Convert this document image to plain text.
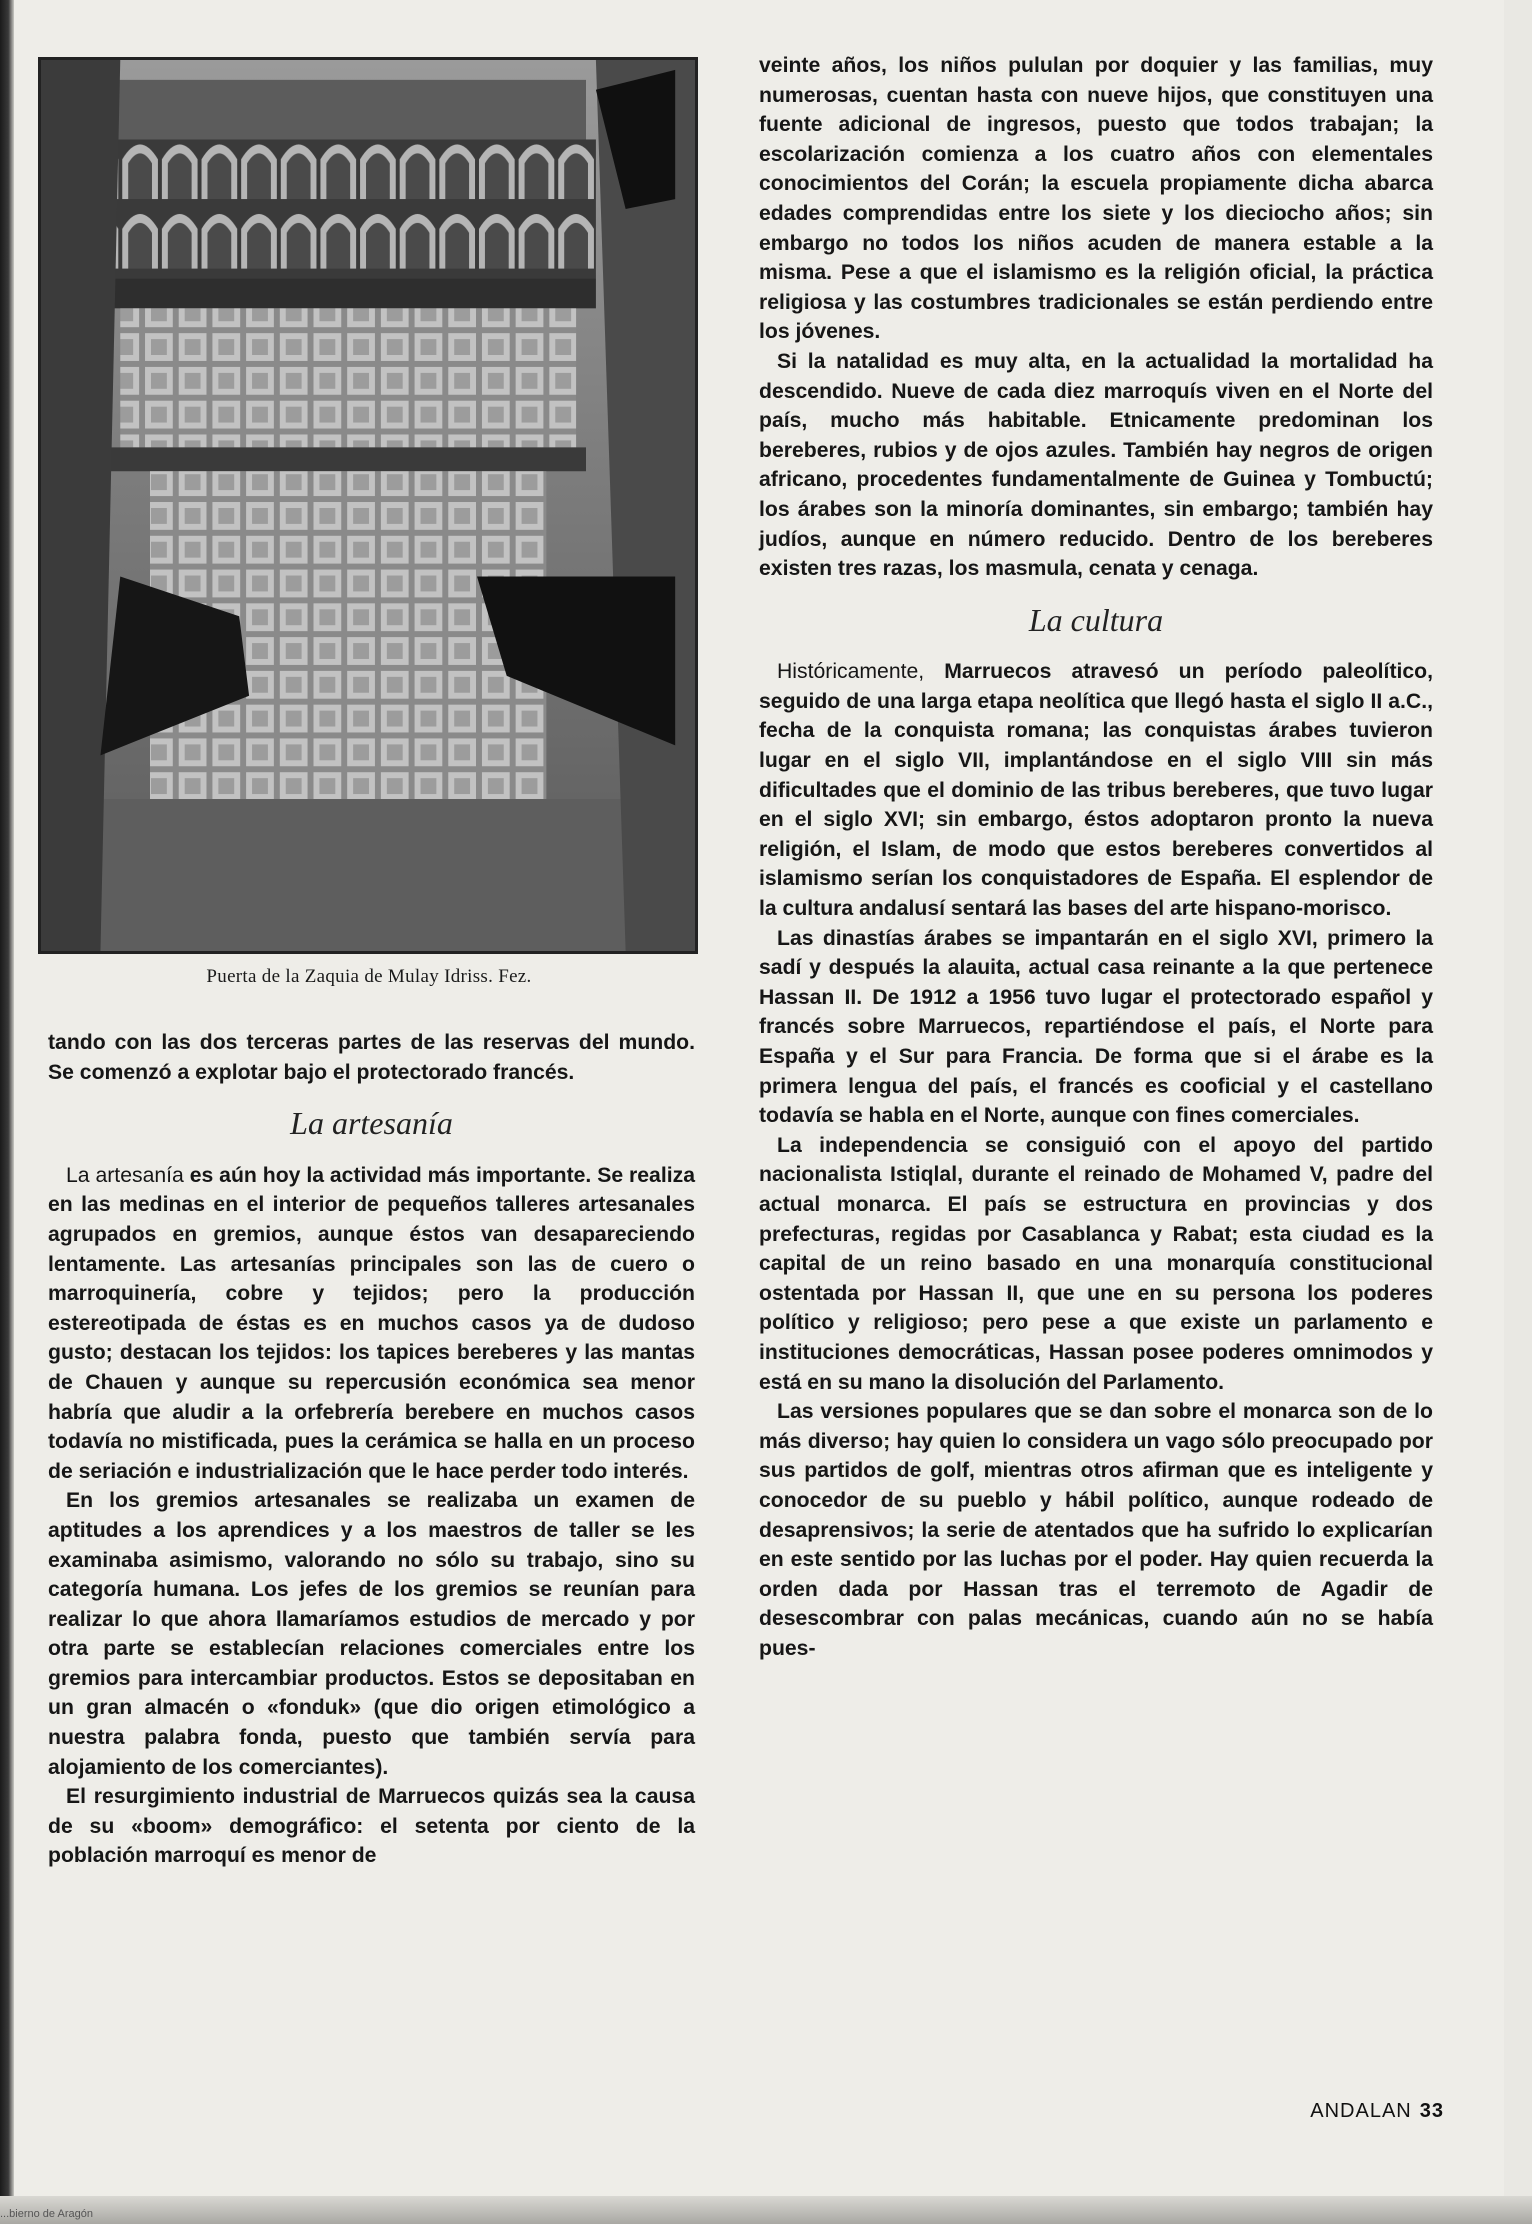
Puerta de la Zaquia de Mulay Idriss. Fez.

tando con las dos terceras partes de las reservas del mundo. Se comenzó a explotar bajo el protectorado francés.

La artesanía

La artesanía es aún hoy la actividad más importante. Se realiza en las medinas en el interior de pequeños talleres artesanales agrupados en gremios, aunque éstos van desapareciendo lentamente. Las artesanías principales son las de cuero o marroquinería, cobre y tejidos; pero la producción estereotipada de éstas es en muchos casos ya de dudoso gusto; destacan los tejidos: los tapices bereberes y las mantas de Chauen y aunque su repercusión económica sea menor habría que aludir a la orfebrería berebere en muchos casos todavía no mistificada, pues la cerámica se halla en un proceso de seriación e industrialización que le hace perder todo interés.

En los gremios artesanales se realizaba un examen de aptitudes a los aprendices y a los maestros de taller se les examinaba asimismo, valorando no sólo su trabajo, sino su categoría humana. Los jefes de los gremios se reunían para realizar lo que ahora llamaríamos estudios de mercado y por otra parte se establecían relaciones comerciales entre los gremios para intercambiar productos. Estos se depositaban en un gran almacén o «fonduk» (que dio origen etimológico a nuestra palabra fonda, puesto que también servía para alojamiento de los comerciantes).

El resurgimiento industrial de Marruecos quizás sea la causa de su «boom» demográfico: el setenta por ciento de la población marroquí es menor de

veinte años, los niños pululan por doquier y las familias, muy numerosas, cuentan hasta con nueve hijos, que constituyen una fuente adicional de ingresos, puesto que todos trabajan; la escolarización comienza a los cuatro años con elementales conocimientos del Corán; la escuela propiamente dicha abarca edades comprendidas entre los siete y los dieciocho años; sin embargo no todos los niños acuden de manera estable a la misma. Pese a que el islamismo es la religión oficial, la práctica religiosa y las costumbres tradicionales se están perdiendo entre los jóvenes.

Si la natalidad es muy alta, en la actualidad la mortalidad ha descendido. Nueve de cada diez marroquís viven en el Norte del país, mucho más habitable. Etnicamente predominan los bereberes, rubios y de ojos azules. También hay negros de origen africano, procedentes fundamentalmente de Guinea y Tombuctú; los árabes son la minoría dominantes, sin embargo; también hay judíos, aunque en número reducido. Dentro de los bereberes existen tres razas, los masmula, cenata y cenaga.

La cultura

Históricamente, Marruecos atravesó un período paleolítico, seguido de una larga etapa neolítica que llegó hasta el siglo II a.C., fecha de la conquista romana; las conquistas árabes tuvieron lugar en el siglo VII, implantándose en el siglo VIII sin más dificultades que el dominio de las tribus bereberes, que tuvo lugar en el siglo XVI; sin embargo, éstos adoptaron pronto la nueva religión, el Islam, de modo que estos bereberes convertidos al islamismo serían los conquistadores de España. El esplendor de la cultura andalusí sentará las bases del arte hispano-morisco.

Las dinastías árabes se impantarán en el siglo XVI, primero la sadí y después la alauita, actual casa reinante a la que pertenece Hassan II. De 1912 a 1956 tuvo lugar el protectorado español y francés sobre Marruecos, repartiéndose el país, el Norte para España y el Sur para Francia. De forma que si el árabe es la primera lengua del país, el francés es cooficial y el castellano todavía se habla en el Norte, aunque con fines comerciales.

La independencia se consiguió con el apoyo del partido nacionalista Istiqlal, durante el reinado de Mohamed V, padre del actual monarca. El país se estructura en provincias y dos prefecturas, regidas por Casablanca y Rabat; esta ciudad es la capital de un reino basado en una monarquía constitucional ostentada por Hassan II, que une en su persona los poderes político y religioso; pero pese a que existe un parlamento e instituciones democráticas, Hassan posee poderes omnimodos y está en su mano la disolución del Parlamento.

Las versiones populares que se dan sobre el monarca son de lo más diverso; hay quien lo considera un vago sólo preocupado por sus partidos de golf, mientras otros afirman que es inteligente y conocedor de su pueblo y hábil político, aunque rodeado de desaprensivos; la serie de atentados que ha sufrido lo explicarían en este sentido por las luchas por el poder. Hay quien recuerda la orden dada por Hassan tras el terremoto de Agadir de desescombrar con palas mecánicas, cuando aún no se había pues-

ANDALAN 33
...bierno de Aragón
